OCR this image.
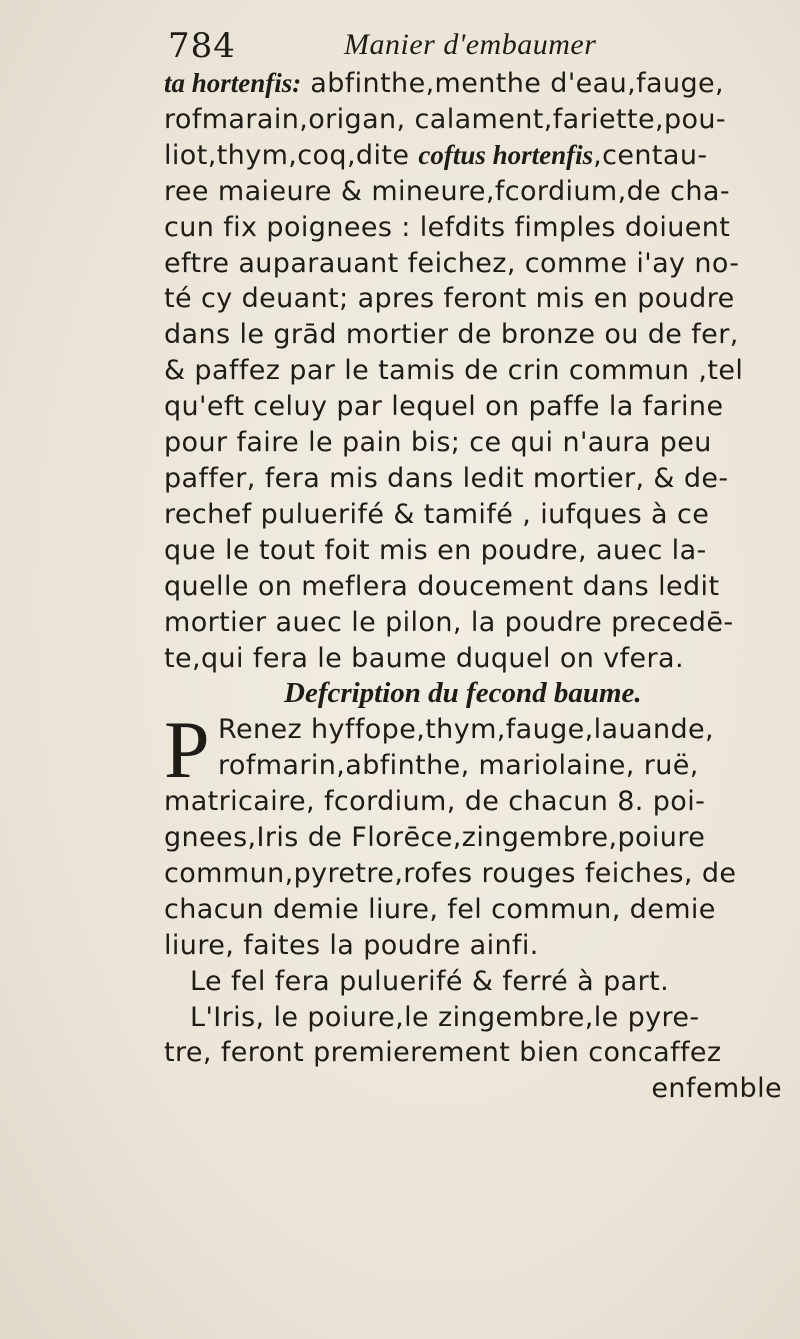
784	Manier d'embaumer
ta hortenfis: abfinthe,menthe d'eau,fauge,
rofmarain,origan, calament,fariette,pou-
liot,thym,coq,dite coftus hortenfis,centau-
ree maieure & mineure,fcordium,de cha-
cun fix poignees : lefdits fimples doiuent
eftre auparauant feichez, comme i'ay no-
té cy deuant; apres feront mis en poudre
dans le grād mortier de bronze ou de fer,
& paffez par le tamis de crin commun ,tel
qu'eft celuy par lequel on paffe la farine
pour faire le pain bis; ce qui n'aura peu
paffer, fera mis dans ledit mortier, & de-
rechef puluerifé & tamifé , iufques à ce
que le tout foit mis en poudre, auec la-
quelle on meflera doucement dans ledit
mortier auec le pilon, la poudre precedē-
te,qui fera le baume duquel on vfera.
Defcription du fecond baume.
P Renez hyffope,thym,fauge,lauande,
rofmarin,abfinthe, mariolaine, ruë,
matricaire, fcordium, de chacun 8. poi-
gnees,Iris de Florēce,zingembre,poiure
commun,pyretre,rofes rouges feiches, de
chacun demie liure, fel commun, demie
liure, faites la poudre ainfi.
Le fel fera puluerifé & ferré à part.
L'Iris, le poiure,le zingembre,le pyre-
tre, feront premierement bien concaffez
enfemble
